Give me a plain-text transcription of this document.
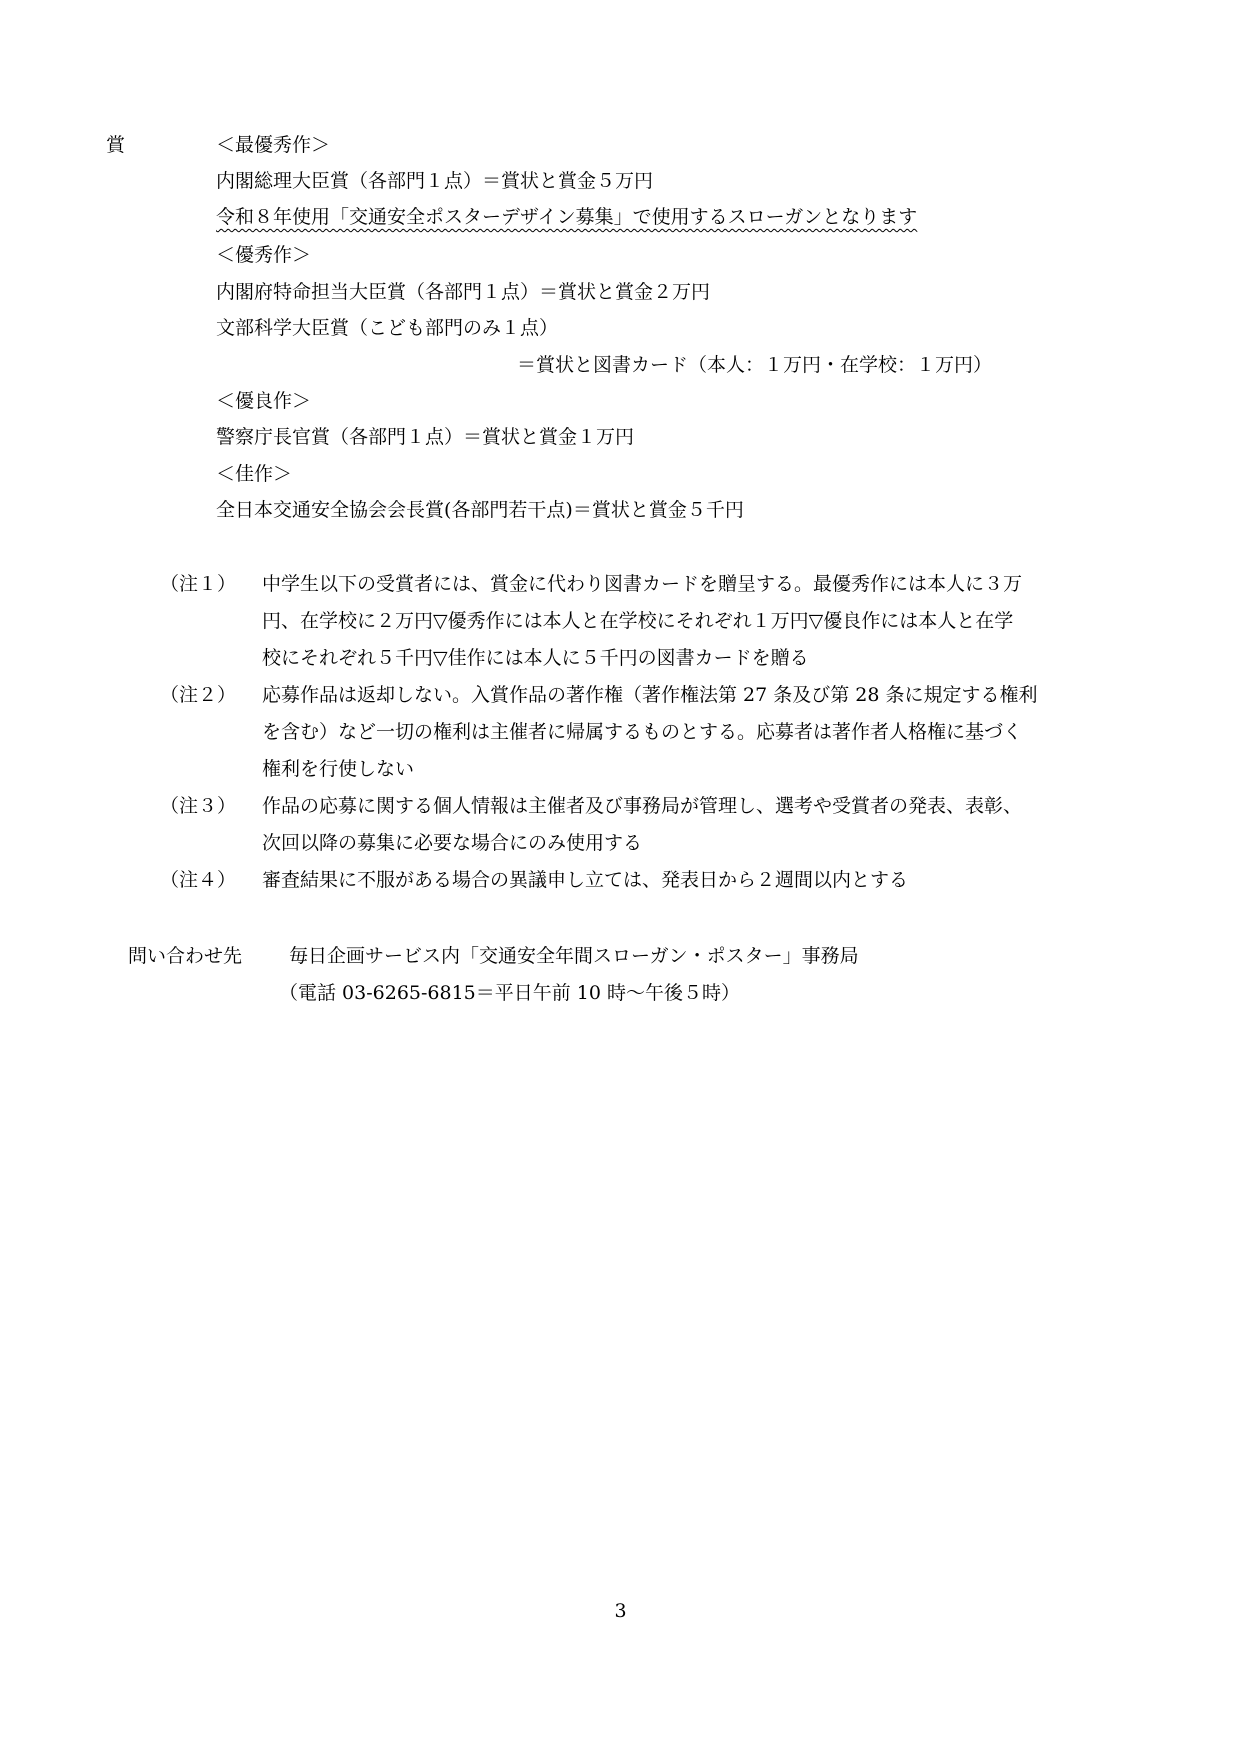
賞	＜最優秀作＞
内閣総理大臣賞（各部門１点）＝賞状と賞金５万円
令和８年使用「交通安全ポスターデザイン募集」で使用するスローガンとなります
＜優秀作＞
内閣府特命担当大臣賞（各部門１点）＝賞状と賞金２万円
文部科学大臣賞（こども部門のみ１点）
＝賞状と図書カード（本人：１万円・在学校：１万円）
＜優良作＞
警察庁長官賞（各部門１点）＝賞状と賞金１万円
＜佳作＞
全日本交通安全協会会長賞(各部門若干点)＝賞状と賞金５千円
（注１） 中学生以下の受賞者には、賞金に代わり図書カードを贈呈する。最優秀作には本人に３万
円、在学校に２万円▽優秀作には本人と在学校にそれぞれ１万円▽優良作には本人と在学
校にそれぞれ５千円▽佳作には本人に５千円の図書カードを贈る
（注２） 応募作品は返却しない。入賞作品の著作権（著作権法第 27 条及び第 28 条に規定する権利
を含む）など一切の権利は主催者に帰属するものとする。応募者は著作者人格権に基づく
権利を行使しない
（注３） 作品の応募に関する個人情報は主催者及び事務局が管理し、選考や受賞者の発表、表彰、
次回以降の募集に必要な場合にのみ使用する
（注４） 審査結果に不服がある場合の異議申し立ては、発表日から２週間以内とする
問い合わせ先 毎日企画サービス内「交通安全年間スローガン・ポスター」事務局
（電話 03-6265-6815＝平日午前 10 時～午後５時）
3
